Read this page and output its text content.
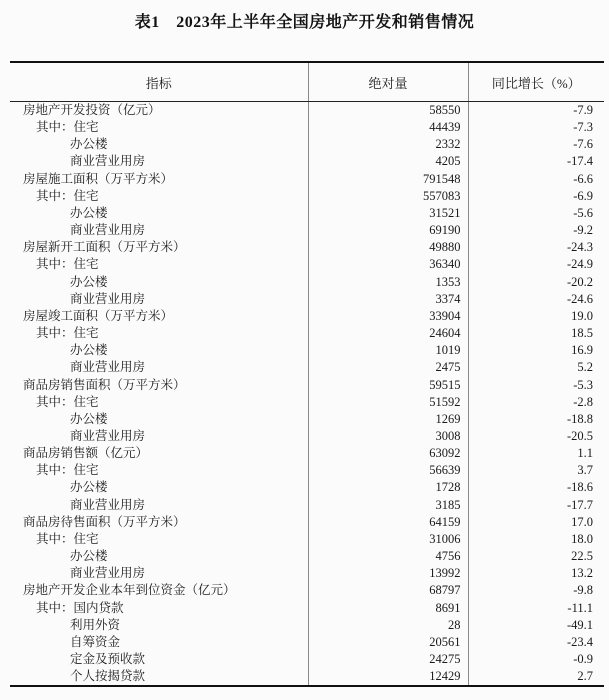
表1　2023年上半年全国房地产开发和销售情况
指标	绝对量	同比增长（%）
房地产开发投资（亿元）	58550	-7.9
其中：住宅	44439	-7.3
办公楼	2332	-7.6
商业营业用房	4205	-17.4
房屋施工面积（万平方米）	791548	-6.6
其中：住宅	557083	-6.9
办公楼	31521	-5.6
商业营业用房	69190	-9.2
房屋新开工面积（万平方米）	49880	-24.3
其中：住宅	36340	-24.9
办公楼	1353	-20.2
商业营业用房	3374	-24.6
房屋竣工面积（万平方米）	33904	19.0
其中：住宅	24604	18.5
办公楼	1019	16.9
商业营业用房	2475	5.2
商品房销售面积（万平方米）	59515	-5.3
其中：住宅	51592	-2.8
办公楼	1269	-18.8
商业营业用房	3008	-20.5
商品房销售额（亿元）	63092	1.1
其中：住宅	56639	3.7
办公楼	1728	-18.6
商业营业用房	3185	-17.7
商品房待售面积（万平方米）	64159	17.0
其中：住宅	31006	18.0
办公楼	4756	22.5
商业营业用房	13992	13.2
房地产开发企业本年到位资金（亿元）	68797	-9.8
其中：国内贷款	8691	-11.1
利用外资	28	-49.1
自筹资金	20561	-23.4
定金及预收款	24275	-0.9
个人按揭贷款	12429	2.7
